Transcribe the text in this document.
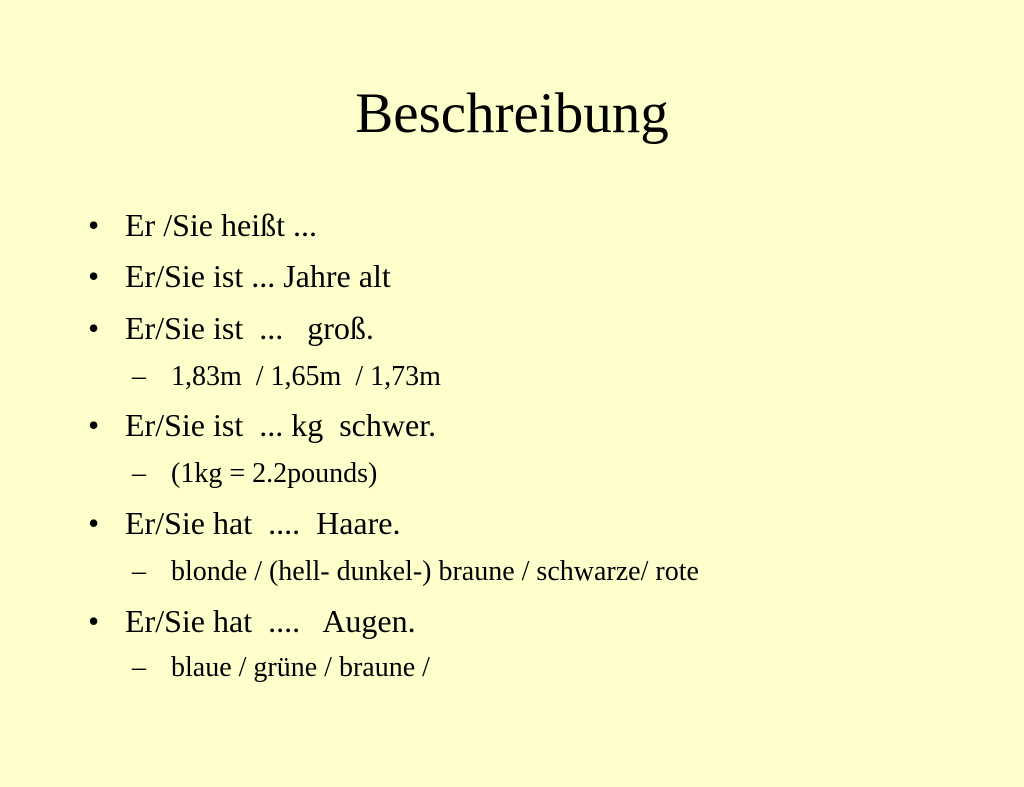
Beschreibung

•

Er /Sie heißt ...

•

Er/Sie ist ... Jahre alt

•

Er/Sie ist  ...   groß.

–

1,83m  / 1,65m  / 1,73m

•

Er/Sie ist  ... kg  schwer.

–

(1kg = 2.2pounds)

•

Er/Sie hat  ....  Haare.

–

blonde / (hell- dunkel-) braune / schwarze/ rote

•

Er/Sie hat  ....   Augen.

–

blaue / grüne / braune /
